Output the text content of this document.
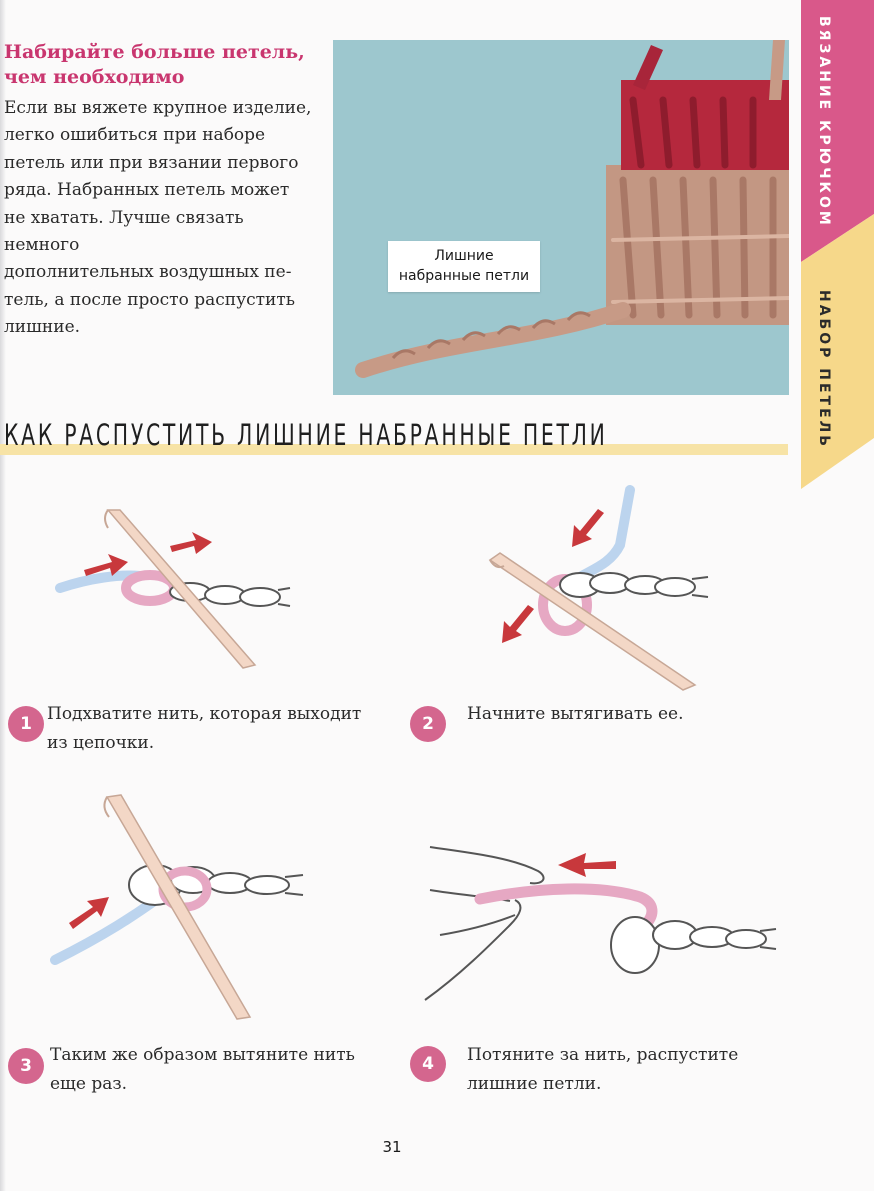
Набирайте больше петель,
чем необходимо

Если вы вяжете крупное изделие,
легко ошибиться при наборе
петель или при вязании первого
ряда. Набранных петель может
не хватать. Лучше связать немного
дополнительных воздушных пе-
тель, а после просто распустить
лишние.

Лишние
набранные петли
ВЯЗАНИЕ КРЮЧКОМ
НАБОР ПЕТЕЛЬ
КАК РАСПУСТИТЬ ЛИШНИЕ НАБРАННЫЕ ПЕТЛИ
1 Подхватите нить, которая выходит
из цепочки.

2	Начните вытягивать ее.

3

Таким же образом вытяните нить
еще раз.

4	Потяните за нить, распустите
лишние петли.

31
